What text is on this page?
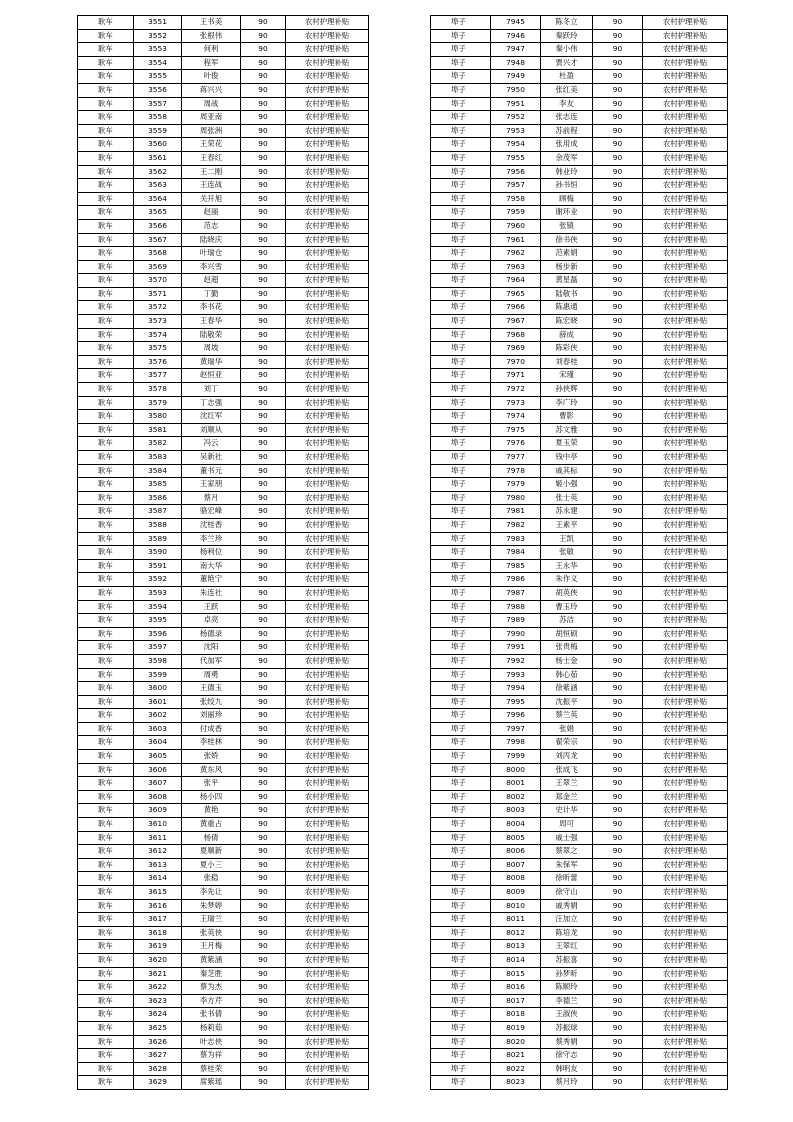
耿车	3551	王书美	90	农村护理补贴
耿车	3552	张根伟	90	农村护理补贴
耿车	3553	何利	90	农村护理补贴
耿车	3554	程军	90	农村护理补贴
耿车	3555	叶俊	90	农村护理补贴
耿车	3556	蒋兴兴	90	农村护理补贴
耿车	3557	周战	90	农村护理补贴
耿车	3558	周亚南	90	农村护理补贴
耿车	3559	周张洲	90	农村护理补贴
耿车	3560	王荣花	90	农村护理补贴
耿车	3561	王春红	90	农村护理补贴
耿车	3562	王二刚	90	农村护理补贴
耿车	3563	王连战	90	农村护理补贴
耿车	3564	关开旭	90	农村护理补贴
耿车	3565	赵丽	90	农村护理补贴
耿车	3566	范志	90	农村护理补贴
耿车	3567	陆晓庆	90	农村护理补贴
耿车	3568	叶瑞仓	90	农村护理补贴
耿车	3569	李兴雪	90	农村护理补贴
耿车	3570	赵超	90	农村护理补贴
耿车	3571	丁勤	90	农村护理补贴
耿车	3572	李书花	90	农村护理补贴
耿车	3573	王春华	90	农村护理补贴
耿车	3574	陆敬荣	90	农村护理补贴
耿车	3575	周坡	90	农村护理补贴
耿车	3576	黄瑞华	90	农村护理补贴
耿车	3577	赵恒亚	90	农村护理补贴
耿车	3578	刘丁	90	农村护理补贴
耿车	3579	丁志强	90	农村护理补贴
耿车	3580	沈红军	90	农村护理补贴
耿车	3581	刘顺从	90	农村护理补贴
耿车	3582	冯云	90	农村护理补贴
耿车	3583	吴新社	90	农村护理补贴
耿车	3584	董书元	90	农村护理补贴
耿车	3585	王家朋	90	农村护理补贴
耿车	3586	蔡月	90	农村护理补贴
耿车	3587	骆宏峰	90	农村护理补贴
耿车	3588	沈桂香	90	农村护理补贴
耿车	3589	李兰珍	90	农村护理补贴
耿车	3590	杨利位	90	农村护理补贴
耿车	3591	南大华	90	农村护理补贴
耿车	3592	董艳宁	90	农村护理补贴
耿车	3593	朱连社	90	农村护理补贴
耿车	3594	王跃	90	农村护理补贴
耿车	3595	卓亮	90	农村护理补贴
耿车	3596	杨德录	90	农村护理补贴
耿车	3597	沈阳	90	农村护理补贴
耿车	3598	代加军	90	农村护理补贴
耿车	3599	周勇	90	农村护理补贴
耿车	3600	王德玉	90	农村护理补贴
耿车	3601	张绞九	90	农村护理补贴
耿车	3602	刘丽珍	90	农村护理补贴
耿车	3603	付成香	90	农村护理补贴
耿车	3604	李桂林	90	农村护理补贴
耿车	3605	张娇	90	农村护理补贴
耿车	3606	黄东风	90	农村护理补贴
耿车	3607	张平	90	农村护理补贴
耿车	3608	杨小四	90	农村护理补贴
耿车	3609	黄艳	90	农村护理补贴
耿车	3610	黄重占	90	农村护理补贴
耿车	3611	杨倩	90	农村护理补贴
耿车	3612	夏顺新	90	农村护理补贴
耿车	3613	夏小三	90	农村护理补贴
耿车	3614	张稳	90	农村护理补贴
耿车	3615	李先让	90	农村护理补贴
耿车	3616	朱梦婷	90	农村护理补贴
耿车	3617	王瑞兰	90	农村护理补贴
耿车	3618	张英侠	90	农村护理补贴
耿车	3619	王月梅	90	农村护理补贴
耿车	3620	黄紫涵	90	农村护理补贴
耿车	3621	秦芝胜	90	农村护理补贴
耿车	3622	蔡为杰	90	农村护理补贴
耿车	3623	李方芹	90	农村护理补贴
耿车	3624	张书倩	90	农村护理补贴
耿车	3625	杨莉茹	90	农村护理补贴
耿车	3626	叶志侠	90	农村护理补贴
耿车	3627	蔡为祥	90	农村护理补贴
耿车	3628	蔡桂荣	90	农村护理补贴
耿车	3629	席紫瑶	90	农村护理补贴
埠子	7945	陈冬立	90	农村护理补贴
埠子	7946	秦跃玲	90	农村护理补贴
埠子	7947	秦小伟	90	农村护理补贴
埠子	7948	贾兴才	90	农村护理补贴
埠子	7949	杜盈	90	农村护理补贴
埠子	7950	张红美	90	农村护理补贴
埠子	7951	李友	90	农村护理补贴
埠子	7952	张志连	90	农村护理补贴
埠子	7953	苏前程	90	农村护理补贴
埠子	7954	张用成	90	农村护理补贴
埠子	7955	余茂军	90	农村护理补贴
埠子	7956	韩业玲	90	农村护理补贴
埠子	7957	孙书恒	90	农村护理补贴
埠子	7958	顾梅	90	农村护理补贴
埠子	7959	谢环业	90	农村护理补贴
埠子	7960	张镇	90	农村护理补贴
埠子	7961	徐书侠	90	农村护理补贴
埠子	7962	范素娟	90	农村护理补贴
埠子	7963	杨步新	90	农村护理补贴
埠子	7964	黄星磊	90	农村护理补贴
埠子	7965	陆敬书	90	农村护理补贴
埠子	7966	陈惠通	90	农村护理补贴
埠子	7967	陈宏晓	90	农村护理补贴
埠子	7968	薛成	90	农村护理补贴
埠子	7969	陈彩侠	90	农村护理补贴
埠子	7970	刘春桂	90	农村护理补贴
埠子	7971	宋瑾	90	农村护理补贴
埠子	7972	孙侠辉	90	农村护理补贴
埠子	7973	李广玲	90	农村护理补贴
埠子	7974	曹影	90	农村护理补贴
埠子	7975	苏文雅	90	农村护理补贴
埠子	7976	夏玉荣	90	农村护理补贴
埠子	7977	钱中亭	90	农村护理补贴
埠子	7978	戚其标	90	农村护理补贴
埠子	7979	姬小强	90	农村护理补贴
埠子	7980	张士英	90	农村护理补贴
埠子	7981	苏永建	90	农村护理补贴
埠子	7982	王素平	90	农村护理补贴
埠子	7983	王凯	90	农村护理补贴
埠子	7984	张敏	90	农村护理补贴
埠子	7985	王永华	90	农村护理补贴
埠子	7986	朱作义	90	农村护理补贴
埠子	7987	胡英侠	90	农村护理补贴
埠子	7988	曹玉玲	90	农村护理补贴
埠子	7989	苏洁	90	农村护理补贴
埠子	7990	胡恒硕	90	农村护理补贴
埠子	7991	张贵梅	90	农村护理补贴
埠子	7992	杨士金	90	农村护理补贴
埠子	7993	韩心茹	90	农村护理补贴
埠子	7994	徐紫涵	90	农村护理补贴
埠子	7995	沈振平	90	农村护理补贴
埠子	7996	蔡兰英	90	农村护理补贴
埠子	7997	张娟	90	农村护理补贴
埠子	7998	翟荣宗	90	农村护理补贴
埠子	7999	刘丙龙	90	农村护理补贴
埠子	8000	张成飞	90	农村护理补贴
埠子	8001	王翠兰	90	农村护理补贴
埠子	8002	郑金兰	90	农村护理补贴
埠子	8003	史计华	90	农村护理补贴
埠子	8004	周可	90	农村护理补贴
埠子	8005	戚士强	90	农村护理补贴
埠子	8006	蔡翠之	90	农村护理补贴
埠子	8007	朱保军	90	农村护理补贴
埠子	8008	徐昕蕾	90	农村护理补贴
埠子	8009	徐守山	90	农村护理补贴
埠子	8010	戚秀娟	90	农村护理补贴
埠子	8011	汪加立	90	农村护理补贴
埠子	8012	陈培龙	90	农村护理补贴
埠子	8013	王翠红	90	农村护理补贴
埠子	8014	苏振喜	90	农村护理补贴
埠子	8015	孙梦昕	90	农村护理补贴
埠子	8016	陈顺玲	90	农村护理补贴
埠子	8017	李德兰	90	农村护理补贴
埠子	8018	王淑侠	90	农村护理补贴
埠子	8019	苏振球	90	农村护理补贴
埠子	8020	蔡秀娟	90	农村护理补贴
埠子	8021	徐守志	90	农村护理补贴
埠子	8022	韩明友	90	农村护理补贴
埠子	8023	蔡月玲	90	农村护理补贴
